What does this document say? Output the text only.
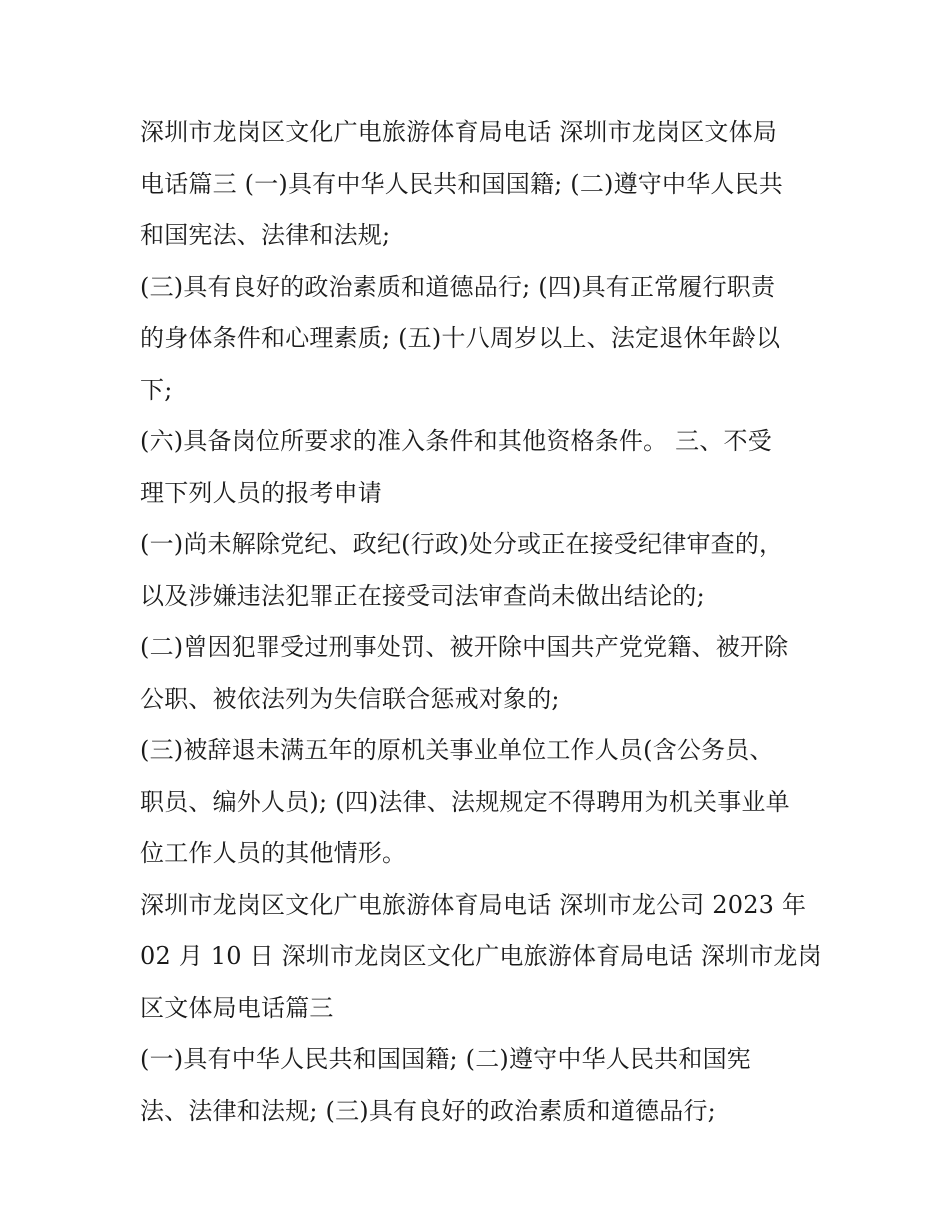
深圳市龙岗区文化广电旅游体育局电话 深圳市龙岗区文体局
电话篇三 (一)具有中华人民共和国国籍; (二)遵守中华人民共
和国宪法、法律和法规;

(三)具有良好的政治素质和道德品行; (四)具有正常履行职责
的身体条件和心理素质; (五)十八周岁以上、法定退休年龄以
下;

(六)具备岗位所要求的准入条件和其他资格条件。 三、不受
理下列人员的报考申请

(一)尚未解除党纪、政纪(行政)处分或正在接受纪律审查的，
以及涉嫌违法犯罪正在接受司法审查尚未做出结论的;

(二)曾因犯罪受过刑事处罚、被开除中国共产党党籍、被开除
公职、被依法列为失信联合惩戒对象的;

(三)被辞退未满五年的原机关事业单位工作人员(含公务员、
职员、编外人员); (四)法律、法规规定不得聘用为机关事业单
位工作人员的其他情形。

深圳市龙岗区文化广电旅游体育局电话 深圳市龙公司 2023 年
02 月 10 日 深圳市龙岗区文化广电旅游体育局电话 深圳市龙岗
区文体局电话篇三

(一)具有中华人民共和国国籍; (二)遵守中华人民共和国宪
法、法律和法规; (三)具有良好的政治素质和道德品行;
